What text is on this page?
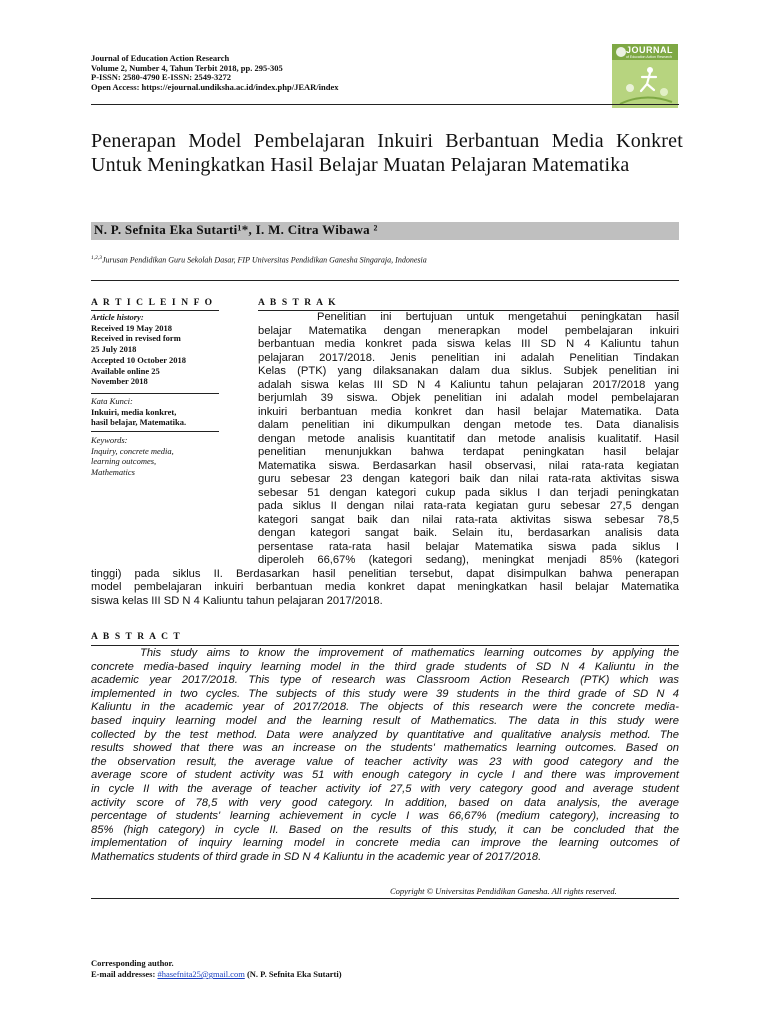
Journal of Education Action Research
Volume 2, Number 4, Tahun Terbit 2018, pp. 295-305
P-ISSN: 2580-4790 E-ISSN: 2549-3272
Open Access: https://ejournal.undiksha.ac.id/index.php/JEAR/index
JOURNAL
of Education Action Research
Penerapan Model Pembelajaran Inkuiri Berbantuan Media Konkret Untuk Meningkatkan Hasil Belajar Muatan Pelajaran Matematika
N. P. Sefnita Eka Sutarti¹*, I. M. Citra Wibawa ²
$^{1,2,3}$Jurusan Pendidikan Guru Sekolah Dasar, FIP Universitas Pendidikan Ganesha Singaraja, Indonesia
A R T I C L E I N F O
Article history:
Received 19 May 2018
Received in revised form
25 July 2018
Accepted 10 October 2018
Available online 25
November 2018
Kata Kunci:
Inkuiri, media konkret,
hasil belajar, Matematika.
Keywords:
Inquiry, concrete media,
learning outcomes,
Mathematics
A B S T R A K
Penelitian ini bertujuan untuk mengetahui peningkatan hasil
belajar Matematika dengan menerapkan model pembelajaran inkuiri
berbantuan media konkret pada siswa kelas III SD N 4 Kaliuntu tahun
pelajaran 2017/2018. Jenis penelitian ini adalah Penelitian Tindakan
Kelas (PTK) yang dilaksanakan dalam dua siklus. Subjek penelitian ini
adalah siswa kelas III SD N 4 Kaliuntu tahun pelajaran 2017/2018 yang
berjumlah 39 siswa. Objek penelitian ini adalah model pembelajaran
inkuiri berbantuan media konkret dan hasil belajar Matematika. Data
dalam penelitian ini dikumpulkan dengan metode tes. Data dianalisis
dengan metode analisis kuantitatif dan metode analisis kualitatif. Hasil
penelitian menunjukkan bahwa terdapat peningkatan hasil belajar
Matematika siswa. Berdasarkan hasil observasi, nilai rata-rata kegiatan
guru sebesar 23 dengan kategori baik dan nilai rata-rata aktivitas siswa
sebesar 51 dengan kategori cukup pada siklus I dan terjadi peningkatan
pada siklus II dengan nilai rata-rata kegiatan guru sebesar 27,5 dengan
kategori sangat baik dan nilai rata-rata aktivitas siswa sebesar 78,5
dengan kategori sangat baik. Selain itu, berdasarkan analisis data
persentase rata-rata hasil belajar Matematika siswa pada siklus I
diperoleh 66,67% (kategori sedang), meningkat menjadi 85% (kategori
tinggi) pada siklus II. Berdasarkan hasil penelitian tersebut, dapat disimpulkan bahwa penerapan
model pembelajaran inkuiri berbantuan media konkret dapat meningkatkan hasil belajar Matematika
siswa kelas III SD N 4 Kaliuntu tahun pelajaran 2017/2018.
A B S T R A C T
This study aims to know the improvement of mathematics learning outcomes by applying the
concrete media-based inquiry learning model in the third grade students of SD N 4 Kaliuntu in the
academic year 2017/2018. This type of research was Classroom Action Research (PTK) which was
implemented in two cycles. The subjects of this study were 39 students in the third grade of SD N 4
Kaliuntu in the academic year of 2017/2018. The objects of this research were the concrete media-
based inquiry learning model and the learning result of Mathematics. The data in this study were
collected by the test method. Data were analyzed by quantitative and qualitative analysis method. The
results showed that there was an increase on the students' mathematics learning outcomes. Based on
the observation result, the average value of teacher activity was 23 with good category and the
average score of student activity was 51 with enough category in cycle I and there was improvement
in cycle II with the average of teacher activity iof 27,5 with very category good and average student
activity score of 78,5 with very good category. In addition, based on data analysis, the average
percentage of students' learning achievement in cycle I was 66,67% (medium category), increasing to
85% (high category) in cycle II. Based on the results of this study, it can be concluded that the
implementation of inquiry learning model in concrete media can improve the learning outcomes of
Mathematics students of third grade in SD N 4 Kaliuntu in the academic year of 2017/2018.
Copyright © Universitas Pendidikan Ganesha. All rights reserved.
Corresponding author.
E-mail addresses: #hasefnita25@gmail.com (N. P. Sefnita Eka Sutarti)
